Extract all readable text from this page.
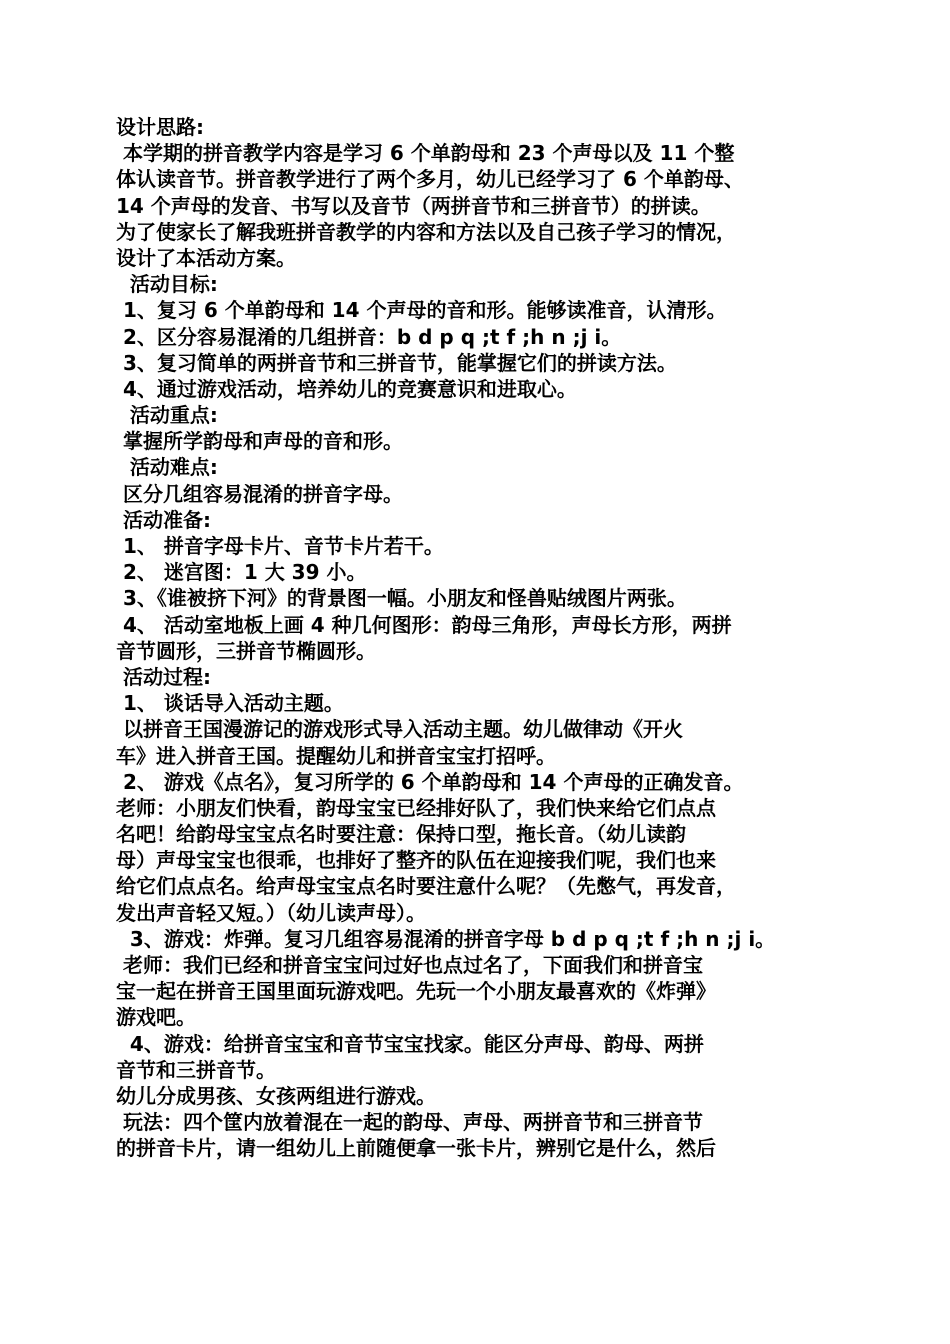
设计思路:
本学期的拼音教学内容是学习 6 个单韵母和 23 个声母以及 11 个整
体认读音节。拼音教学进行了两个多月，幼儿已经学习了 6 个单韵母、
14 个声母的发音、书写以及音节（两拼音节和三拼音节）的拼读。
为了使家长了解我班拼音教学的内容和方法以及自己孩子学习的情况，
设计了本活动方案。
活动目标:
1、复习 6 个单韵母和 14 个声母的音和形。能够读准音，认清形。
2、区分容易混淆的几组拼音：b d p q ;t f ;h n ;j i。
3、复习简单的两拼音节和三拼音节，能掌握它们的拼读方法。
4、通过游戏活动，培养幼儿的竞赛意识和进取心。
活动重点:
掌握所学韵母和声母的音和形。
活动难点:
区分几组容易混淆的拼音字母。
活动准备:
1、 拼音字母卡片、音节卡片若干。
2、 迷宫图：1 大 39 小。
3、《谁被挤下河》的背景图一幅。小朋友和怪兽贴绒图片两张。
4、 活动室地板上画 4 种几何图形：韵母三角形，声母长方形，两拼
音节圆形，三拼音节椭圆形。
活动过程:
1、 谈话导入活动主题。
以拼音王国漫游记的游戏形式导入活动主题。幼儿做律动《开火
车》进入拼音王国。提醒幼儿和拼音宝宝打招呼。
2、 游戏《点名》，复习所学的 6 个单韵母和 14 个声母的正确发音。
老师：小朋友们快看，韵母宝宝已经排好队了，我们快来给它们点点
名吧！给韵母宝宝点名时要注意：保持口型，拖长音。（幼儿读韵
母）声母宝宝也很乖，也排好了整齐的队伍在迎接我们呢，我们也来
给它们点点名。给声母宝宝点名时要注意什么呢？（先憋气，再发音，
发出声音轻又短。）（幼儿读声母）。
3、游戏：炸弹。复习几组容易混淆的拼音字母 b d p q ;t f ;h n ;j i。
老师：我们已经和拼音宝宝问过好也点过名了，下面我们和拼音宝
宝一起在拼音王国里面玩游戏吧。先玩一个小朋友最喜欢的《炸弹》
游戏吧。
4、游戏：给拼音宝宝和音节宝宝找家。能区分声母、韵母、两拼
音节和三拼音节。
幼儿分成男孩、女孩两组进行游戏。
玩法：四个筐内放着混在一起的韵母、声母、两拼音节和三拼音节
的拼音卡片，请一组幼儿上前随便拿一张卡片，辨别它是什么，然后
